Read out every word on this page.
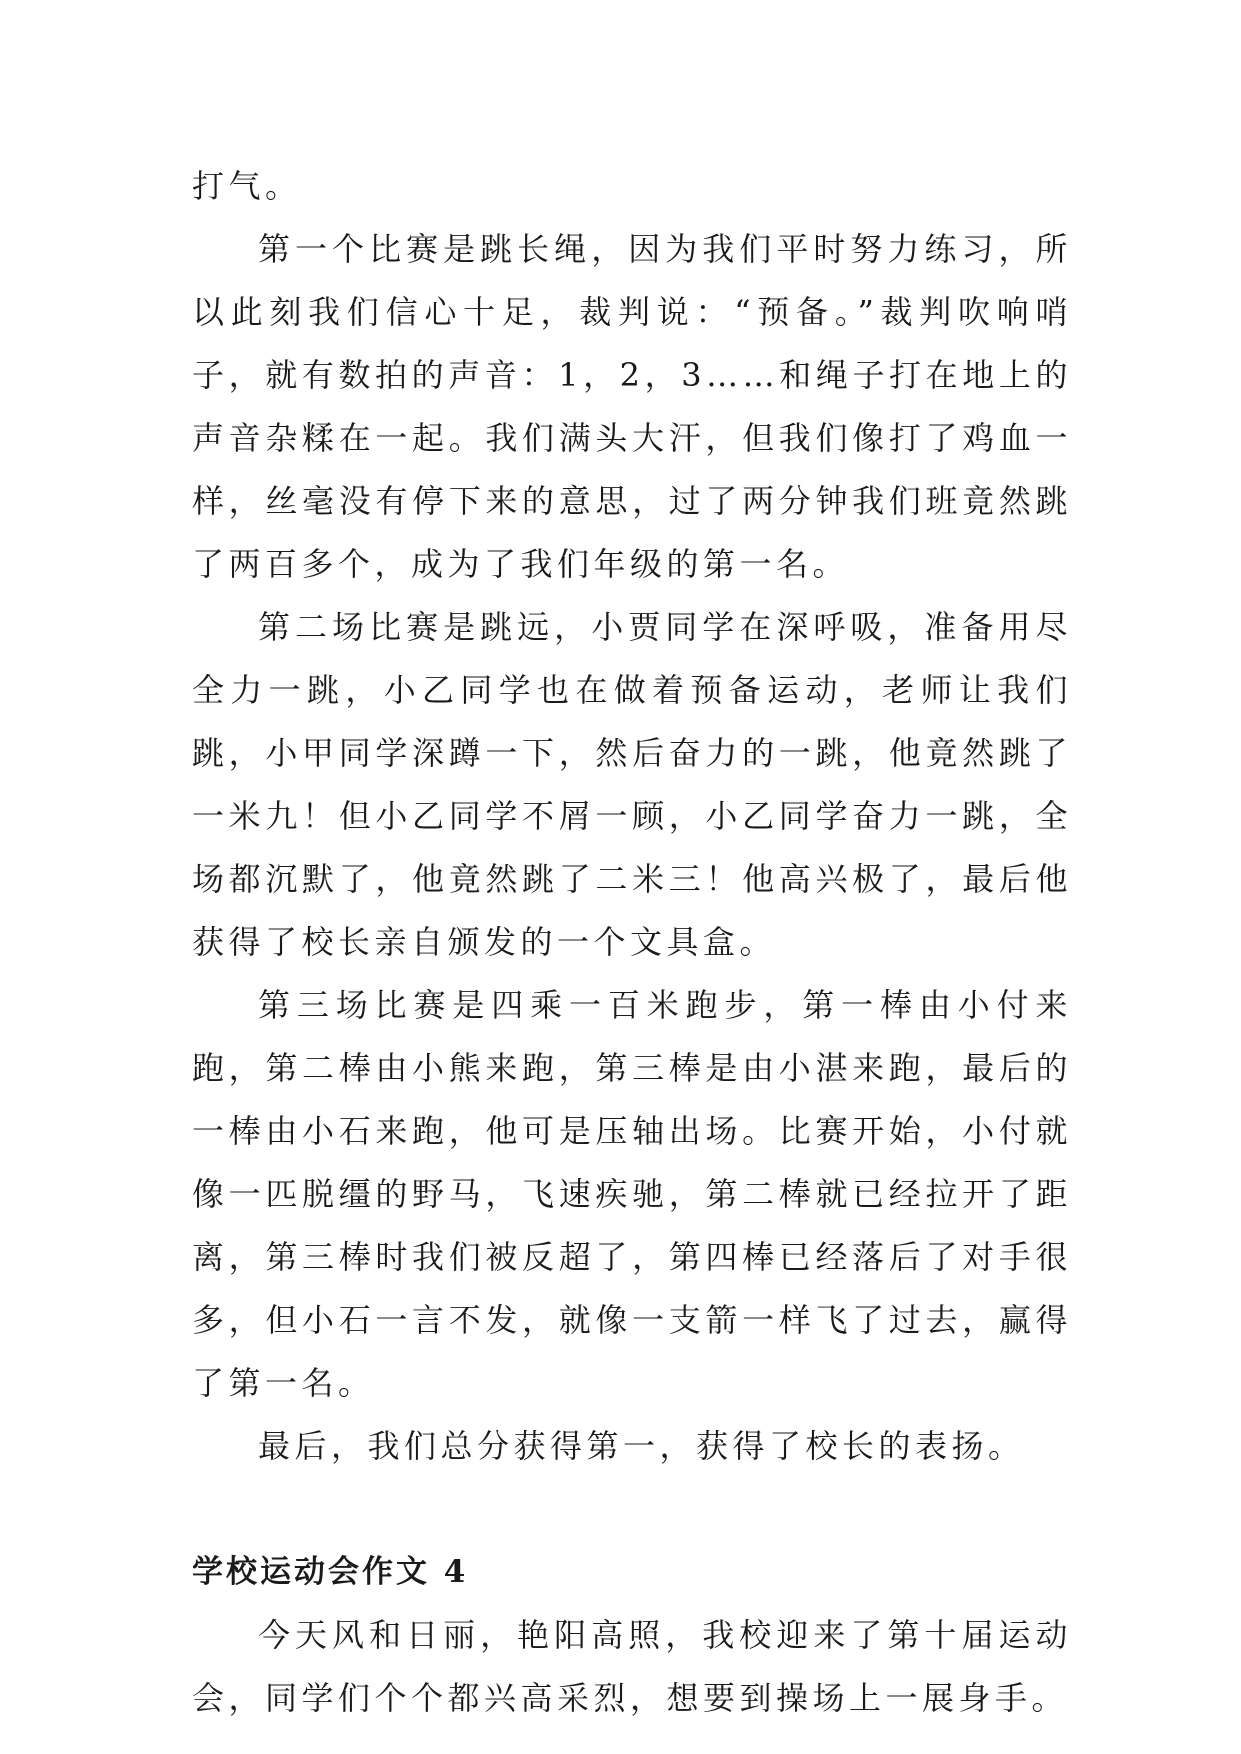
打气。

第一个比赛是跳长绳，因为我们平时努力练习，所以此刻我们信心十足，裁判说：“预备。”裁判吹响哨子，就有数拍的声音：1，2，3……和绳子打在地上的声音杂糅在一起。我们满头大汗，但我们像打了鸡血一样，丝毫没有停下来的意思，过了两分钟我们班竟然跳了两百多个，成为了我们年级的第一名。

第二场比赛是跳远，小贾同学在深呼吸，准备用尽全力一跳，小乙同学也在做着预备运动，老师让我们跳，小甲同学深蹲一下，然后奋力的一跳，他竟然跳了一米九！但小乙同学不屑一顾，小乙同学奋力一跳，全场都沉默了，他竟然跳了二米三！他高兴极了，最后他获得了校长亲自颁发的一个文具盒。

第三场比赛是四乘一百米跑步，第一棒由小付来跑，第二棒由小熊来跑，第三棒是由小湛来跑，最后的一棒由小石来跑，他可是压轴出场。比赛开始，小付就像一匹脱缰的野马，飞速疾驰，第二棒就已经拉开了距离，第三棒时我们被反超了，第四棒已经落后了对手很多，但小石一言不发，就像一支箭一样飞了过去，赢得了第一名。

最后，我们总分获得第一，获得了校长的表扬。

学校运动会作文 4

今天风和日丽，艳阳高照，我校迎来了第十届运动会，同学们个个都兴高采烈，想要到操场上一展身手。
